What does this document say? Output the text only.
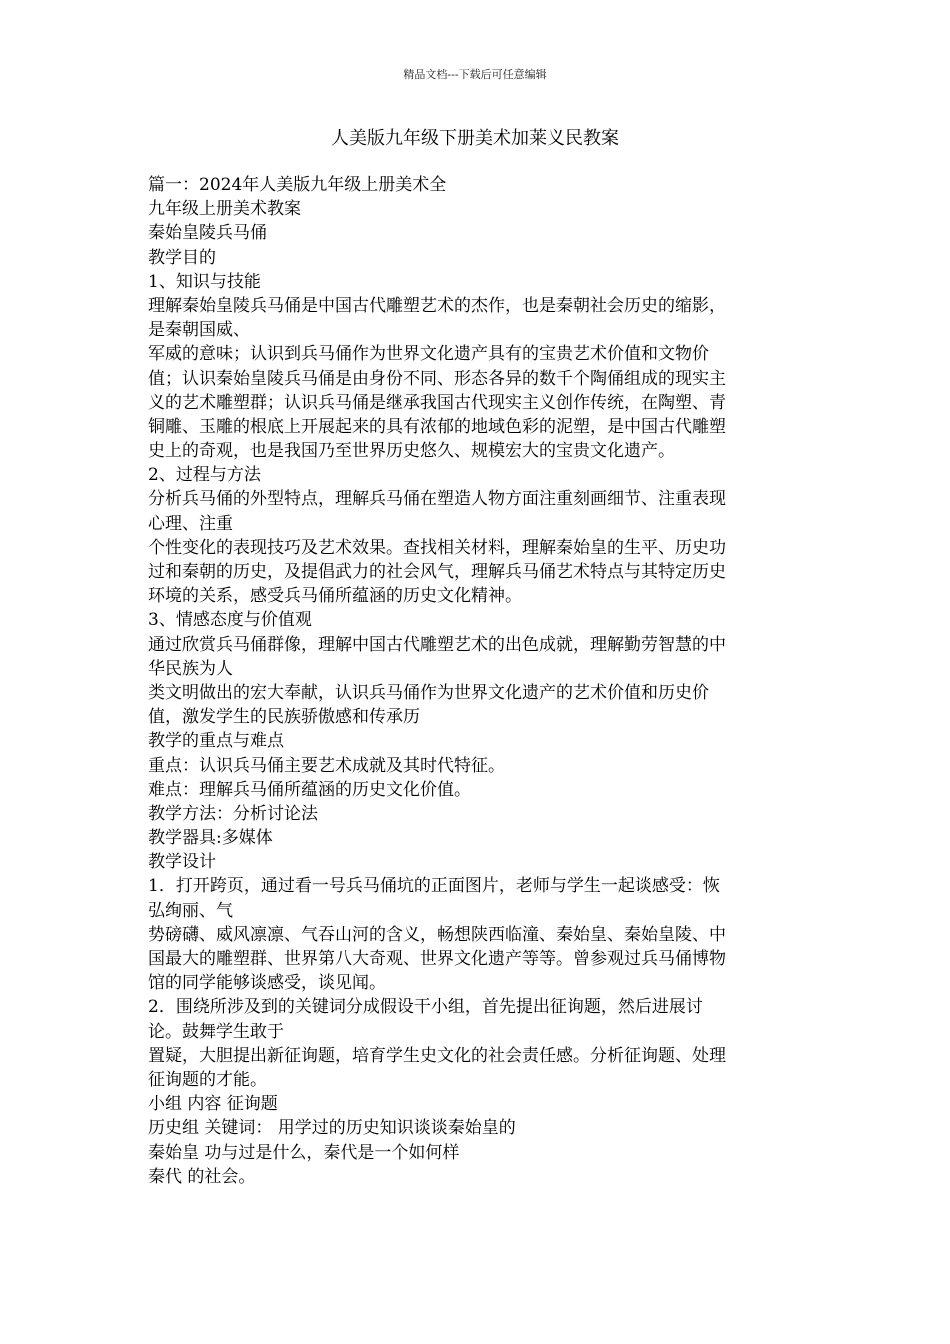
精品文档---下载后可任意编辑
人美版九年级下册美术加莱义民教案
篇一：2024年人美版九年级上册美术全
九年级上册美术教案
秦始皇陵兵马俑
教学目的
1、知识与技能
理解秦始皇陵兵马俑是中国古代雕塑艺术的杰作，也是秦朝社会历史的缩影，
是秦朝国威、
军威的意味；认识到兵马俑作为世界文化遗产具有的宝贵艺术价值和文物价
值；认识秦始皇陵兵马俑是由身份不同、形态各异的数千个陶俑组成的现实主
义的艺术雕塑群；认识兵马俑是继承我国古代现实主义创作传统，在陶塑、青
铜雕、玉雕的根底上开展起来的具有浓郁的地域色彩的泥塑，是中国古代雕塑
史上的奇观，也是我国乃至世界历史悠久、规模宏大的宝贵文化遗产。
2、过程与方法
分析兵马俑的外型特点，理解兵马俑在塑造人物方面注重刻画细节、注重表现
心理、注重
个性变化的表现技巧及艺术效果。查找相关材料，理解秦始皇的生平、历史功
过和秦朝的历史，及提倡武力的社会风气，理解兵马俑艺术特点与其特定历史
环境的关系，感受兵马俑所蕴涵的历史文化精神。
3、情感态度与价值观
通过欣赏兵马俑群像，理解中国古代雕塑艺术的出色成就，理解勤劳智慧的中
华民族为人
类文明做出的宏大奉献，认识兵马俑作为世界文化遗产的艺术价值和历史价
值，激发学生的民族骄傲感和传承历
教学的重点与难点
重点：认识兵马俑主要艺术成就及其时代特征。
难点：理解兵马俑所蕴涵的历史文化价值。
教学方法：分析讨论法
教学器具:多媒体
教学设计
1．打开跨页，通过看一号兵马俑坑的正面图片，老师与学生一起谈感受：恢
弘绚丽、气
势磅礴、威风凛凛、气吞山河的含义，畅想陕西临潼、秦始皇、秦始皇陵、中
国最大的雕塑群、世界第八大奇观、世界文化遗产等等。曾参观过兵马俑博物
馆的同学能够谈感受，谈见闻。
2．围绕所涉及到的关键词分成假设干小组，首先提出征询题，然后进展讨
论。鼓舞学生敢于
置疑，大胆提出新征询题，培育学生史文化的社会责任感。分析征询题、处理
征询题的才能。
小组 内容 征询题
历史组 关键词： 用学过的历史知识谈谈秦始皇的
秦始皇 功与过是什么，秦代是一个如何样
秦代 的社会。
